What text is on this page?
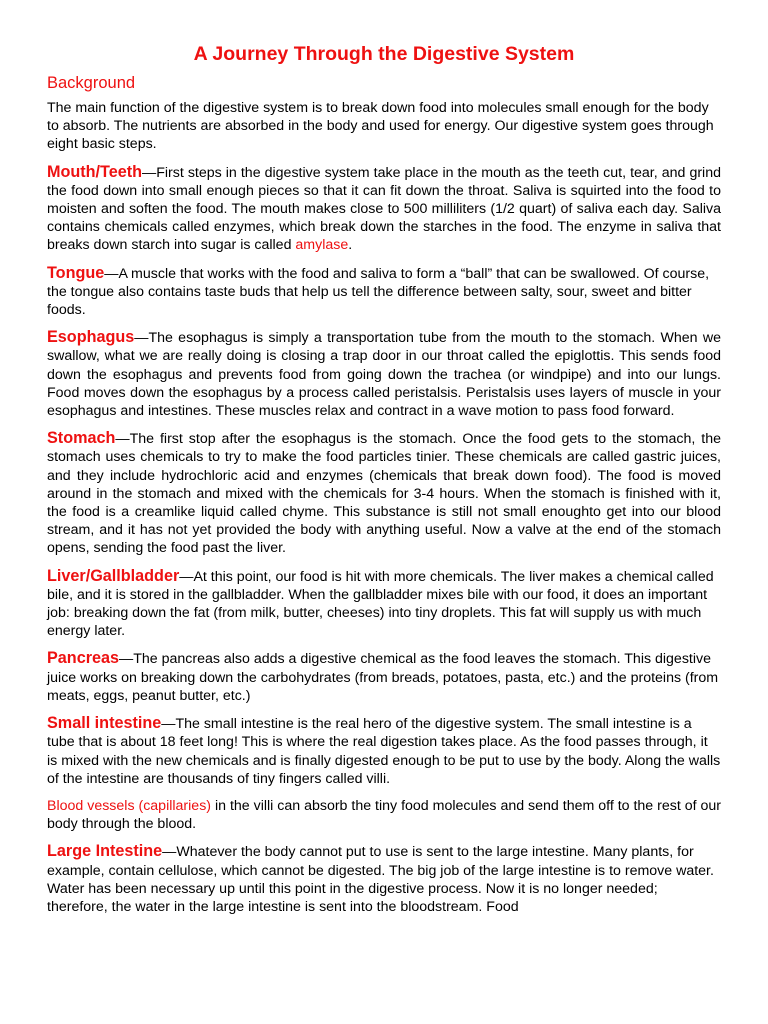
A Journey Through the Digestive System
Background

The main function of the digestive system is to break down food into molecules small enough for the body to absorb. The nutrients are absorbed in the body and used for energy. Our digestive system goes through eight basic steps.

Mouth/Teeth—First steps in the digestive system take place in the mouth as the teeth cut, tear, and grind the food down into small enough pieces so that it can fit down the throat. Saliva is squirted into the food to moisten and soften the food. The mouth makes close to 500 milliliters (1/2 quart) of saliva each day. Saliva contains chemicals called enzymes, which break down the starches in the food. The enzyme in saliva that breaks down starch into sugar is called amylase.

Tongue—A muscle that works with the food and saliva to form a “ball” that can be swallowed. Of course, the tongue also contains taste buds that help us tell the difference between salty, sour, sweet and bitter foods.

Esophagus—The esophagus is simply a transportation tube from the mouth to the stomach. When we swallow, what we are really doing is closing a trap door in our throat called the epiglottis. This sends food down the esophagus and prevents food from going down the trachea (or windpipe) and into our lungs. Food moves down the esophagus by a process called peristalsis. Peristalsis uses layers of muscle in your esophagus and intestines. These muscles relax and contract in a wave motion to pass food forward.

Stomach—The first stop after the esophagus is the stomach. Once the food gets to the stomach, the stomach uses chemicals to try to make the food particles tinier. These chemicals are called gastric juices, and they include hydrochloric acid and enzymes (chemicals that break down food). The food is moved around in the stomach and mixed with the chemicals for 3-4 hours. When the stomach is finished with it, the food is a creamlike liquid called chyme. This substance is still not small enoughto get into our blood stream, and it has not yet provided the body with anything useful. Now a valve at the end of the stomach opens, sending the food past the liver.

Liver/Gallbladder—At this point, our food is hit with more chemicals. The liver makes a chemical called bile, and it is stored in the gallbladder. When the gallbladder mixes bile with our food, it does an important job: breaking down the fat (from milk, butter, cheeses) into tiny droplets. This fat will supply us with much energy later.

Pancreas—The pancreas also adds a digestive chemical as the food leaves the stomach. This digestive juice works on breaking down the carbohydrates (from breads, potatoes, pasta, etc.) and the proteins (from meats, eggs, peanut butter, etc.)

Small intestine—The small intestine is the real hero of the digestive system. The small intestine is a tube that is about 18 feet long! This is where the real digestion takes place. As the food passes through, it is mixed with the new chemicals and is finally digested enough to be put to use by the body. Along the walls of the intestine are thousands of tiny fingers called villi.

Blood vessels (capillaries) in the villi can absorb the tiny food molecules and send them off to the rest of our body through the blood.

Large Intestine—Whatever the body cannot put to use is sent to the large intestine. Many plants, for example, contain cellulose, which cannot be digested. The big job of the large intestine is to remove water. Water has been necessary up until this point in the digestive process. Now it is no longer needed; therefore, the water in the large intestine is sent into the bloodstream. Food
